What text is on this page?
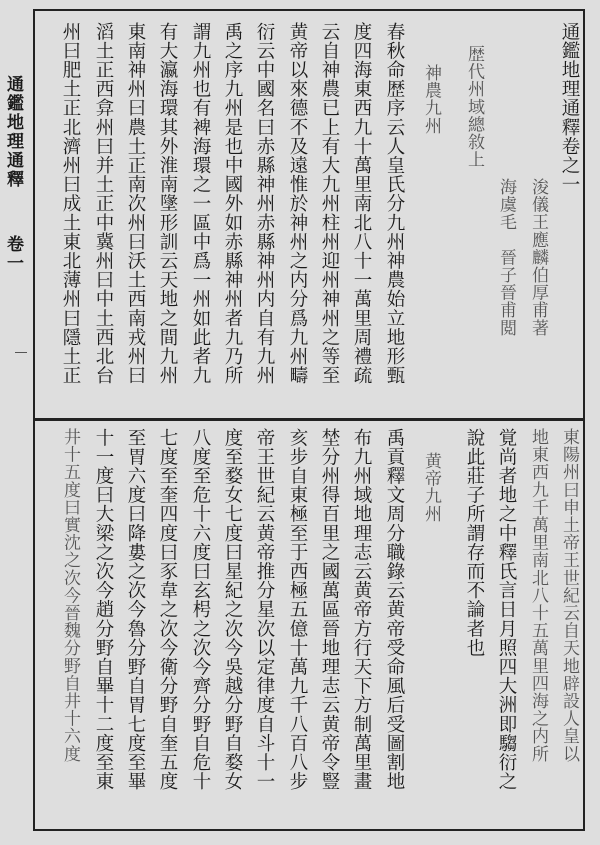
通鑑地理通釋卷一
通鑑地理通釋卷之一
浚儀王應麟伯厚甫著
海虞毛　晉子晉甫閲
歴代州域總敘上
神農九州
春秋命歴序云人皇氏分九州神農始立地形甄
度四海東西九十萬里南北八十一萬里周禮疏
云自神農已上有大九州柱州迎州神州之等至
黄帝以來德不及遠惟於神州之内分爲九州疇
衍云中國名曰赤縣神州赤縣神州内自有九州
禹之序九州是也中國外如赤縣神州者九乃所
謂九州也有裨海環之一區中爲一州如此者九
有大瀛海環其外淮南墬形訓云天地之間九州
東南神州曰農土正南次州曰沃土西南戎州曰
滔土正西弇州曰并土正中冀州曰中土西北台
州曰肥土正北濟州曰成土東北薄州曰隱土正
東陽州曰申土帝王世紀云自天地辟設人皇以
地東西九千萬里南北八十五萬里四海之内所
覚尚者地之中釋氏言日月照四大洲即騶衍之
說此莊子所謂存而不論者也
黄帝九州
禹貢釋文周分職錄云黄帝受命風后受圖割地
布九州域地理志云黄帝方行天下方制萬里畫
埜分州得百里之國萬區晉地理志云黄帝令豎
亥步自東極至于西極五億十萬九千八百八步
帝王世紀云黄帝推分星次以定律度自斗十一
度至婺女七度曰星紀之次今吳越分野自婺女
八度至危十六度曰玄枵之次今齊分野自危十
七度至奎四度曰豕韋之次今衛分野自奎五度
至胃六度曰降婁之次今魯分野自胃七度至畢
十一度曰大梁之次今趙分野自畢十二度至東
井十五度曰實沈之次今晉魏分野自井十六度
